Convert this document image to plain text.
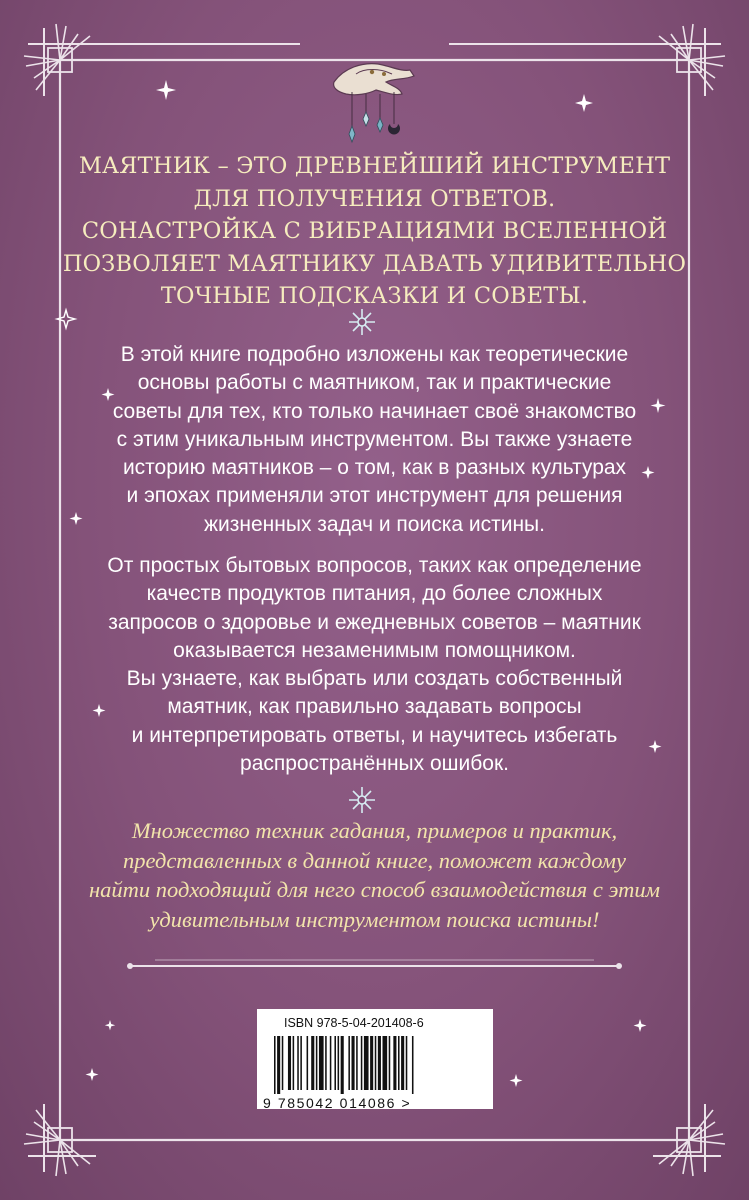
МАЯТНИК – ЭТО ДРЕВНЕЙШИЙ ИНСТРУМЕНТ
ДЛЯ ПОЛУЧЕНИЯ ОТВЕТОВ.
СОНАСТРОЙКА С ВИБРАЦИЯМИ ВСЕЛЕННОЙ
ПОЗВОЛЯЕТ МАЯТНИКУ ДАВАТЬ УДИВИТЕЛЬНО
ТОЧНЫЕ ПОДСКАЗКИ И СОВЕТЫ.
В этой книге подробно изложены как теоретические
основы работы с маятником, так и практические
советы для тех, кто только начинает своё знакомство
с этим уникальным инструментом. Вы также узнаете
историю маятников – о том, как в разных культурах
и эпохах применяли этот инструмент для решения
жизненных задач и поиска истины.
От простых бытовых вопросов, таких как определение
качеств продуктов питания, до более сложных
запросов о здоровье и ежедневных советов – маятник
оказывается незаменимым помощником.
Вы узнаете, как выбрать или создать собственный
маятник, как правильно задавать вопросы
и интерпретировать ответы, и научитесь избегать
распространённых ошибок.
Множество техник гадания, примеров и практик,
представленных в данной книге, поможет каждому
найти подходящий для него способ взаимодействия с этим
удивительным инструментом поиска истины!
ISBN 978-5-04-201408-6
9 785042 014086 >
